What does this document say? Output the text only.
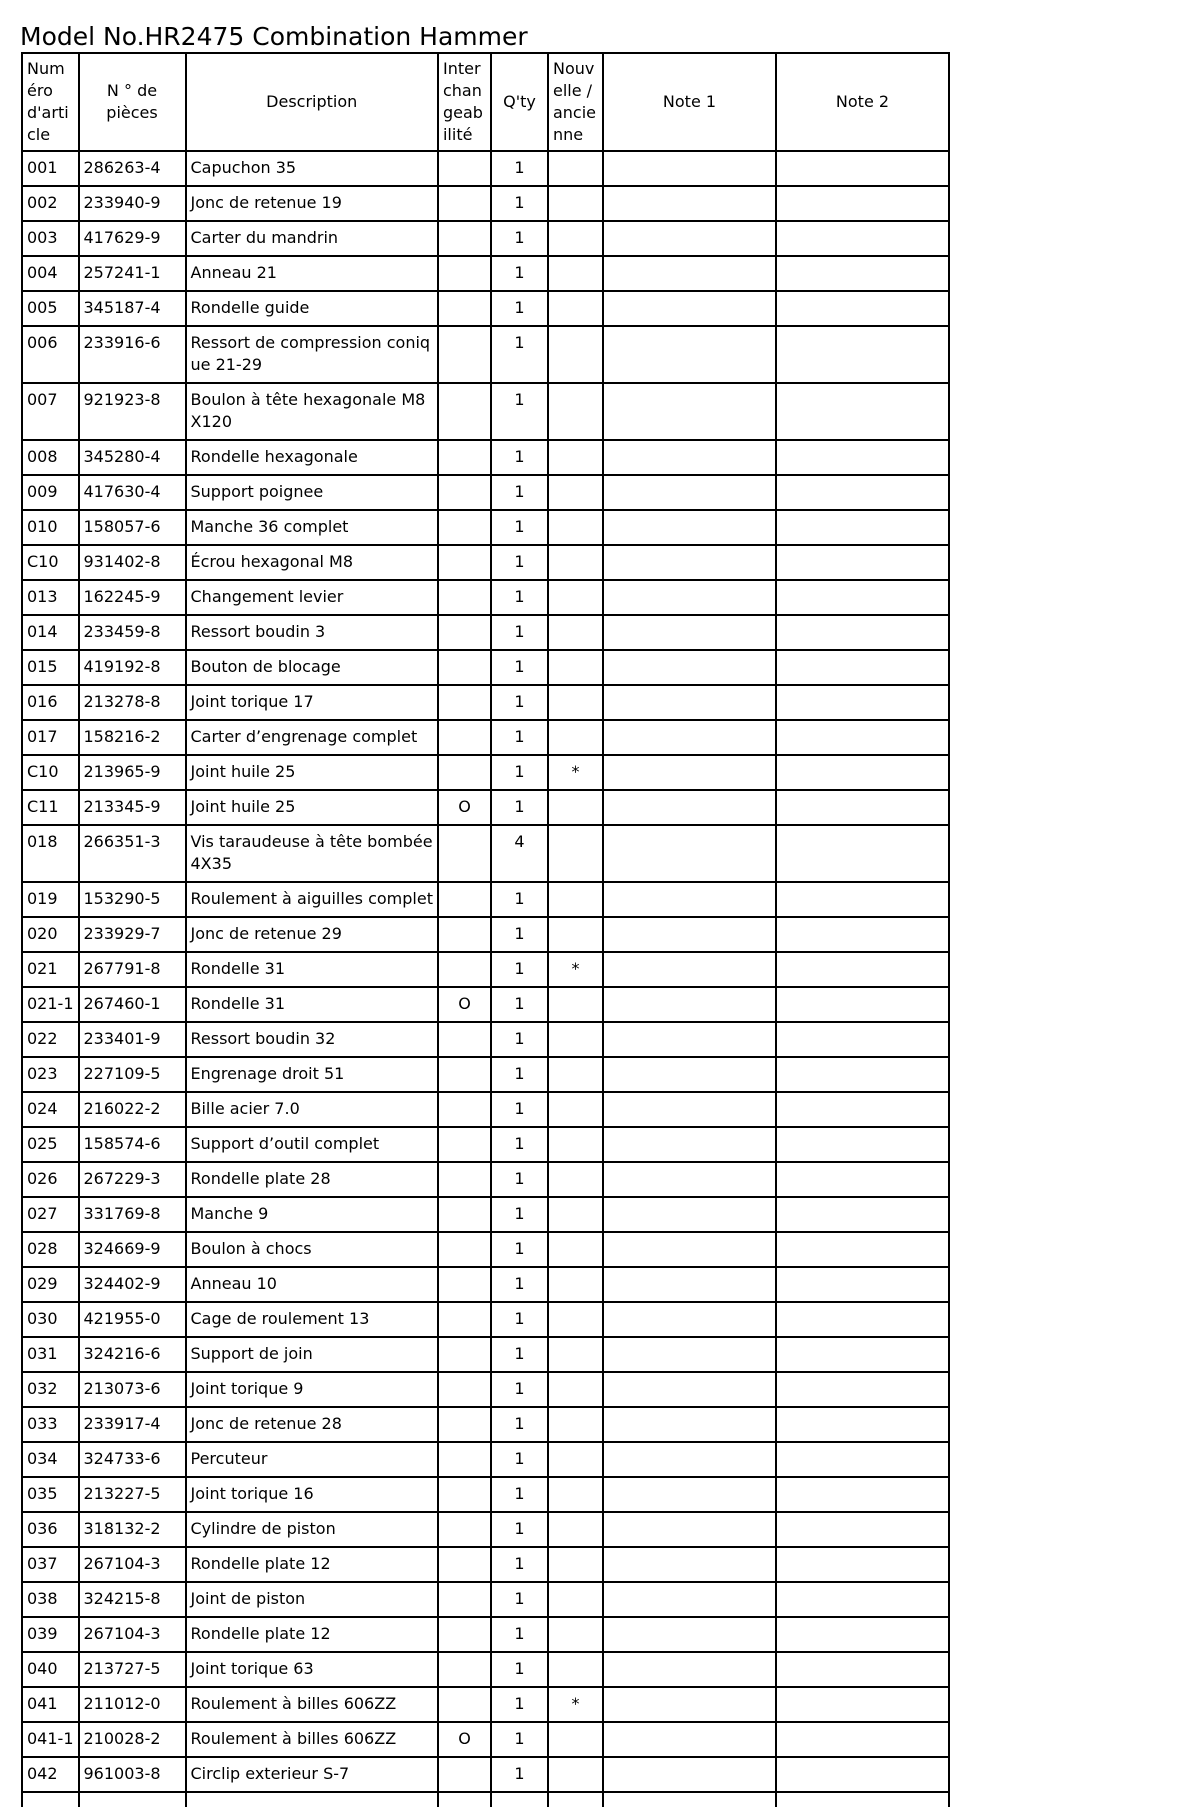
Model No.HR2475 Combination Hammer
Numéro d'article	N ° de pièces	Description	Interchangeabilité	Q'ty	Nouvelle / ancienne	Note 1	Note 2
001	286263-4	Capuchon 35		1			
002	233940-9	Jonc de retenue 19		1			
003	417629-9	Carter du mandrin		1			
004	257241-1	Anneau 21		1			
005	345187-4	Rondelle guide		1			
006	233916-6	Ressort de compression conique 21-29		1			
007	921923-8	Boulon à tête hexagonale M8X120		1			
008	345280-4	Rondelle hexagonale		1			
009	417630-4	Support poignee		1			
010	158057-6	Manche 36 complet		1			
C10	931402-8	Écrou hexagonal M8		1			
013	162245-9	Changement levier		1			
014	233459-8	Ressort boudin 3		1			
015	419192-8	Bouton de blocage		1			
016	213278-8	Joint torique 17		1			
017	158216-2	Carter d’engrenage complet		1			
C10	213965-9	Joint huile 25		1	*		
C11	213345-9	Joint huile 25	O	1			
018	266351-3	Vis taraudeuse à tête bombée 4X35		4			
019	153290-5	Roulement à aiguilles complet		1			
020	233929-7	Jonc de retenue 29		1			
021	267791-8	Rondelle 31		1	*		
021-1	267460-1	Rondelle 31	O	1			
022	233401-9	Ressort boudin 32		1			
023	227109-5	Engrenage droit 51		1			
024	216022-2	Bille acier 7.0		1			
025	158574-6	Support d’outil complet		1			
026	267229-3	Rondelle plate 28		1			
027	331769-8	Manche 9		1			
028	324669-9	Boulon à chocs		1			
029	324402-9	Anneau 10		1			
030	421955-0	Cage de roulement 13		1			
031	324216-6	Support de join		1			
032	213073-6	Joint torique 9		1			
033	233917-4	Jonc de retenue 28		1			
034	324733-6	Percuteur		1			
035	213227-5	Joint torique 16		1			
036	318132-2	Cylindre de piston		1			
037	267104-3	Rondelle plate 12		1			
038	324215-8	Joint de piston		1			
039	267104-3	Rondelle plate 12		1			
040	213727-5	Joint torique 63		1			
041	211012-0	Roulement à billes 606ZZ		1	*		
041-1	210028-2	Roulement à billes 606ZZ	O	1			
042	961003-8	Circlip exterieur S-7		1			
